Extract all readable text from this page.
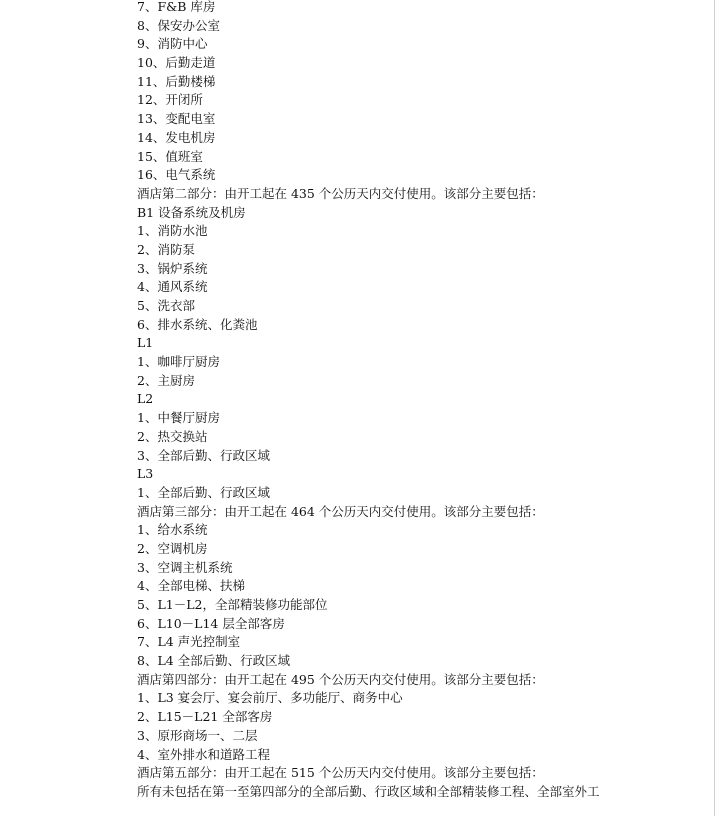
7、F&B 库房
8、保安办公室
9、消防中心
10、后勤走道
11、后勤楼梯
12、开闭所
13、变配电室
14、发电机房
15、值班室
16、电气系统
酒店第二部分：由开工起在 435 个公历天内交付使用。该部分主要包括：
B1 设备系统及机房
1、消防水池
2、消防泵
3、锅炉系统
4、通风系统
5、洗衣部
6、排水系统、化粪池
L1
1、咖啡厅厨房
2、主厨房
L2
1、中餐厅厨房
2、热交换站
3、全部后勤、行政区域
L3
1、全部后勤、行政区域
酒店第三部分：由开工起在 464 个公历天内交付使用。该部分主要包括：
1、给水系统
2、空调机房
3、空调主机系统
4、全部电梯、扶梯
5、L1－L2，全部精装修功能部位
6、L10－L14 层全部客房
7、L4 声光控制室
8、L4 全部后勤、行政区域
酒店第四部分：由开工起在 495 个公历天内交付使用。该部分主要包括：
1、L3 宴会厅、宴会前厅、多功能厅、商务中心
2、L15－L21 全部客房
3、原形商场一、二层
4、室外排水和道路工程
酒店第五部分：由开工起在 515 个公历天内交付使用。该部分主要包括：
所有未包括在第一至第四部分的全部后勤、行政区域和全部精装修工程、全部室外工
